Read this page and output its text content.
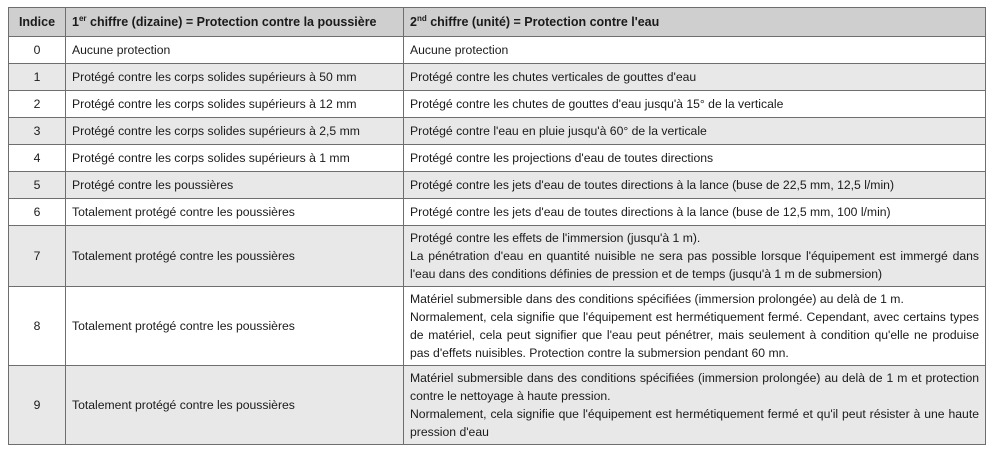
Indice	1er chiffre (dizaine) = Protection contre la poussière	2nd chiffre (unité) = Protection contre l'eau
0	Aucune protection	Aucune protection

1	Protégé contre les corps solides supérieurs à 50 mm	Protégé contre les chutes verticales de gouttes d'eau

2	Protégé contre les corps solides supérieurs à 12 mm	Protégé contre les chutes de gouttes d'eau jusqu'à 15° de la verticale

3	Protégé contre les corps solides supérieurs à 2,5 mm	Protégé contre l'eau en pluie jusqu'à 60° de la verticale

4	Protégé contre les corps solides supérieurs à 1 mm	Protégé contre les projections d'eau de toutes directions

5	Protégé contre les poussières	Protégé contre les jets d'eau de toutes directions à la lance (buse de 22,5 mm, 12,5 l/min)

6	Totalement protégé contre les poussières	Protégé contre les jets d'eau de toutes directions à la lance (buse de 12,5 mm, 100 l/min)

7	Totalement protégé contre les poussières	Protégé contre les effets de l'immersion (jusqu'à 1 m).

La pénétration d'eau en quantité nuisible ne sera pas possible lorsque l'équipement est immergé dans l'eau dans des conditions définies de pression et de temps (jusqu'à 1 m de submersion)

8	Totalement protégé contre les poussières	Matériel submersible dans des conditions spécifiées (immersion prolongée) au delà de 1 m.

Normalement, cela signifie que l'équipement est hermétiquement fermé. Cependant, avec certains types de matériel, cela peut signifier que l'eau peut pénétrer, mais seulement à condition qu'elle ne produise pas d'effets nuisibles. Protection contre la submersion pendant 60 mn.

9	Totalement protégé contre les poussières	Matériel submersible dans des conditions spécifiées (immersion prolongée) au delà de 1 m et protection contre le nettoyage à haute pression.

Normalement, cela signifie que l'équipement est hermétiquement fermé et qu'il peut résister à une haute pression d'eau
